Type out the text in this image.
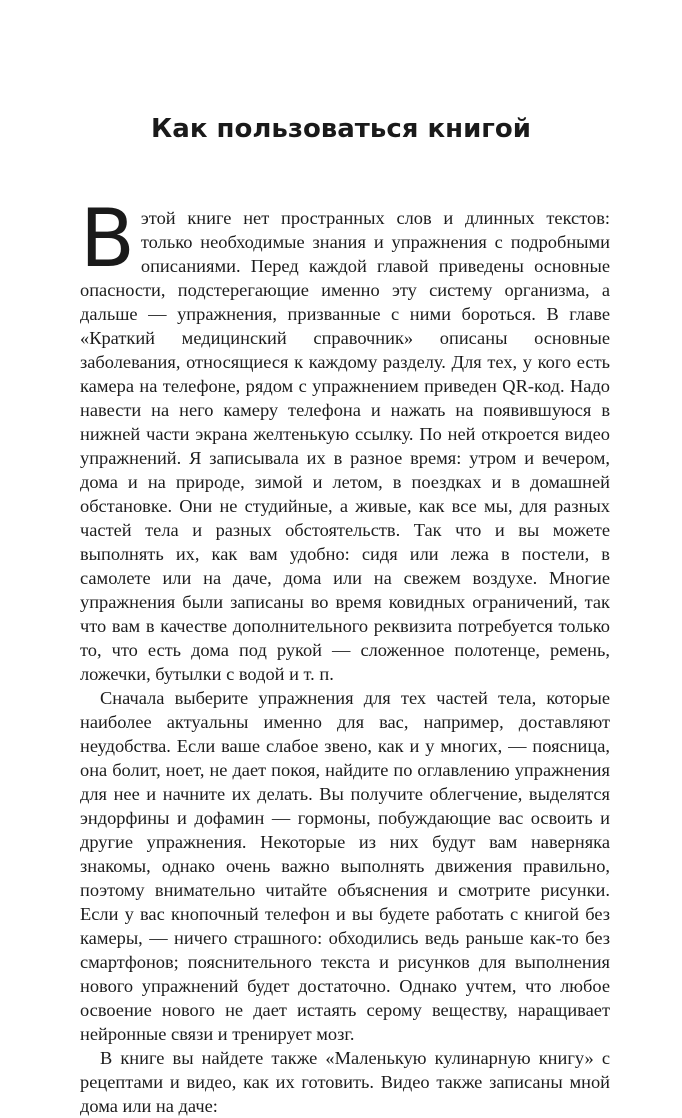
Как пользоваться книгой

В этой книге нет пространных слов и длинных текстов: только необходимые знания и упражнения с подробными описаниями. Перед каждой главой приведены основные опасности, подстерегающие именно эту систему организма, а дальше — упражнения, призванные с ними бороться. В главе «Краткий медицинский справочник» описаны основные заболевания, относящиеся к каждому разделу. Для тех, у кого есть камера на телефоне, рядом с упражнением приведен QR-код. Надо навести на него камеру телефона и нажать на появившуюся в нижней части экрана желтенькую ссылку. По ней откроется видео упражнений. Я записывала их в разное время: утром и вечером, дома и на природе, зимой и летом, в поездках и в домашней обстановке. Они не студийные, а живые, как все мы, для разных частей тела и разных обстоятельств. Так что и вы можете выполнять их, как вам удобно: сидя или лежа в постели, в самолете или на даче, дома или на свежем воздухе. Многие упражнения были записаны во время ковидных ограничений, так что вам в качестве дополнительного реквизита потребуется только то, что есть дома под рукой — сложенное полотенце, ремень, ложечки, бутылки с водой и т. п.

Сначала выберите упражнения для тех частей тела, которые наиболее актуальны именно для вас, например, доставляют неудобства. Если ваше слабое звено, как и у многих, — поясница, она болит, ноет, не дает покоя, найдите по оглавлению упражнения для нее и начните их делать. Вы получите облегчение, выделятся эндорфины и дофамин — гормоны, побуждающие вас освоить и другие упражнения. Некоторые из них будут вам наверняка знакомы, однако очень важно выполнять движения правильно, поэтому внимательно читайте объяснения и смотрите рисунки. Если у вас кнопочный телефон и вы будете работать с книгой без камеры, — ничего страшного: обходились ведь раньше как-то без смартфонов; пояснительного текста и рисунков для выполнения нового упражнений будет достаточно. Однако учтем, что любое освоение нового не дает истаять серому веществу, наращивает нейронные связи и тренирует мозг.

В книге вы найдете также «Маленькую кулинарную книгу» с рецептами и видео, как их готовить. Видео также записаны мной дома или на даче:
